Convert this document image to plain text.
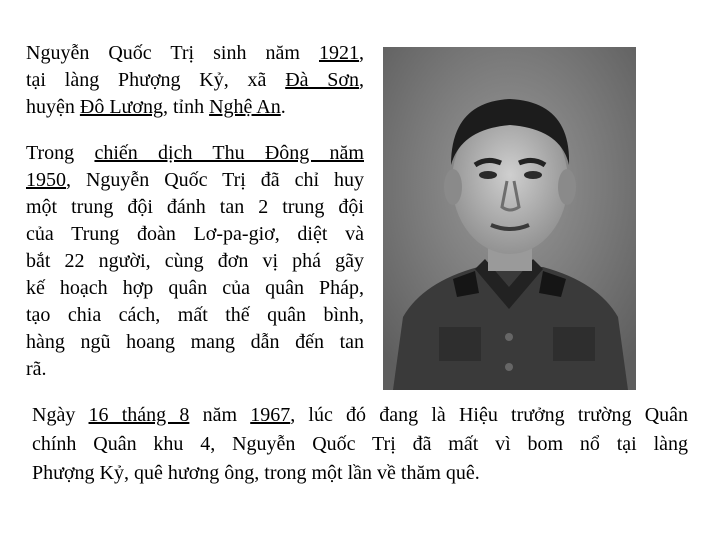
Nguyễn Quốc Trị sinh năm 1921,
tại làng Phượng Kỷ, xã Đà Sơn,
huyện Đô Lương, tỉnh Nghệ An.
Trong chiến dịch Thu Đông năm
1950, Nguyễn Quốc Trị đã chỉ huy
một trung đội đánh tan 2 trung đội
của Trung đoàn Lơ-pa-giơ, diệt và
bắt 22 người, cùng đơn vị phá gãy
kế hoạch hợp quân của quân Pháp,
tạo chia cách, mất thế quân bình,
hàng ngũ hoang mang dẫn đến tan
rã.
Ngày 16 tháng 8 năm 1967, lúc đó đang là Hiệu trưởng trường Quân
chính Quân khu 4, Nguyễn Quốc Trị đã mất vì bom nổ tại làng
Phượng Kỷ, quê hương ông, trong một lần về thăm quê.
